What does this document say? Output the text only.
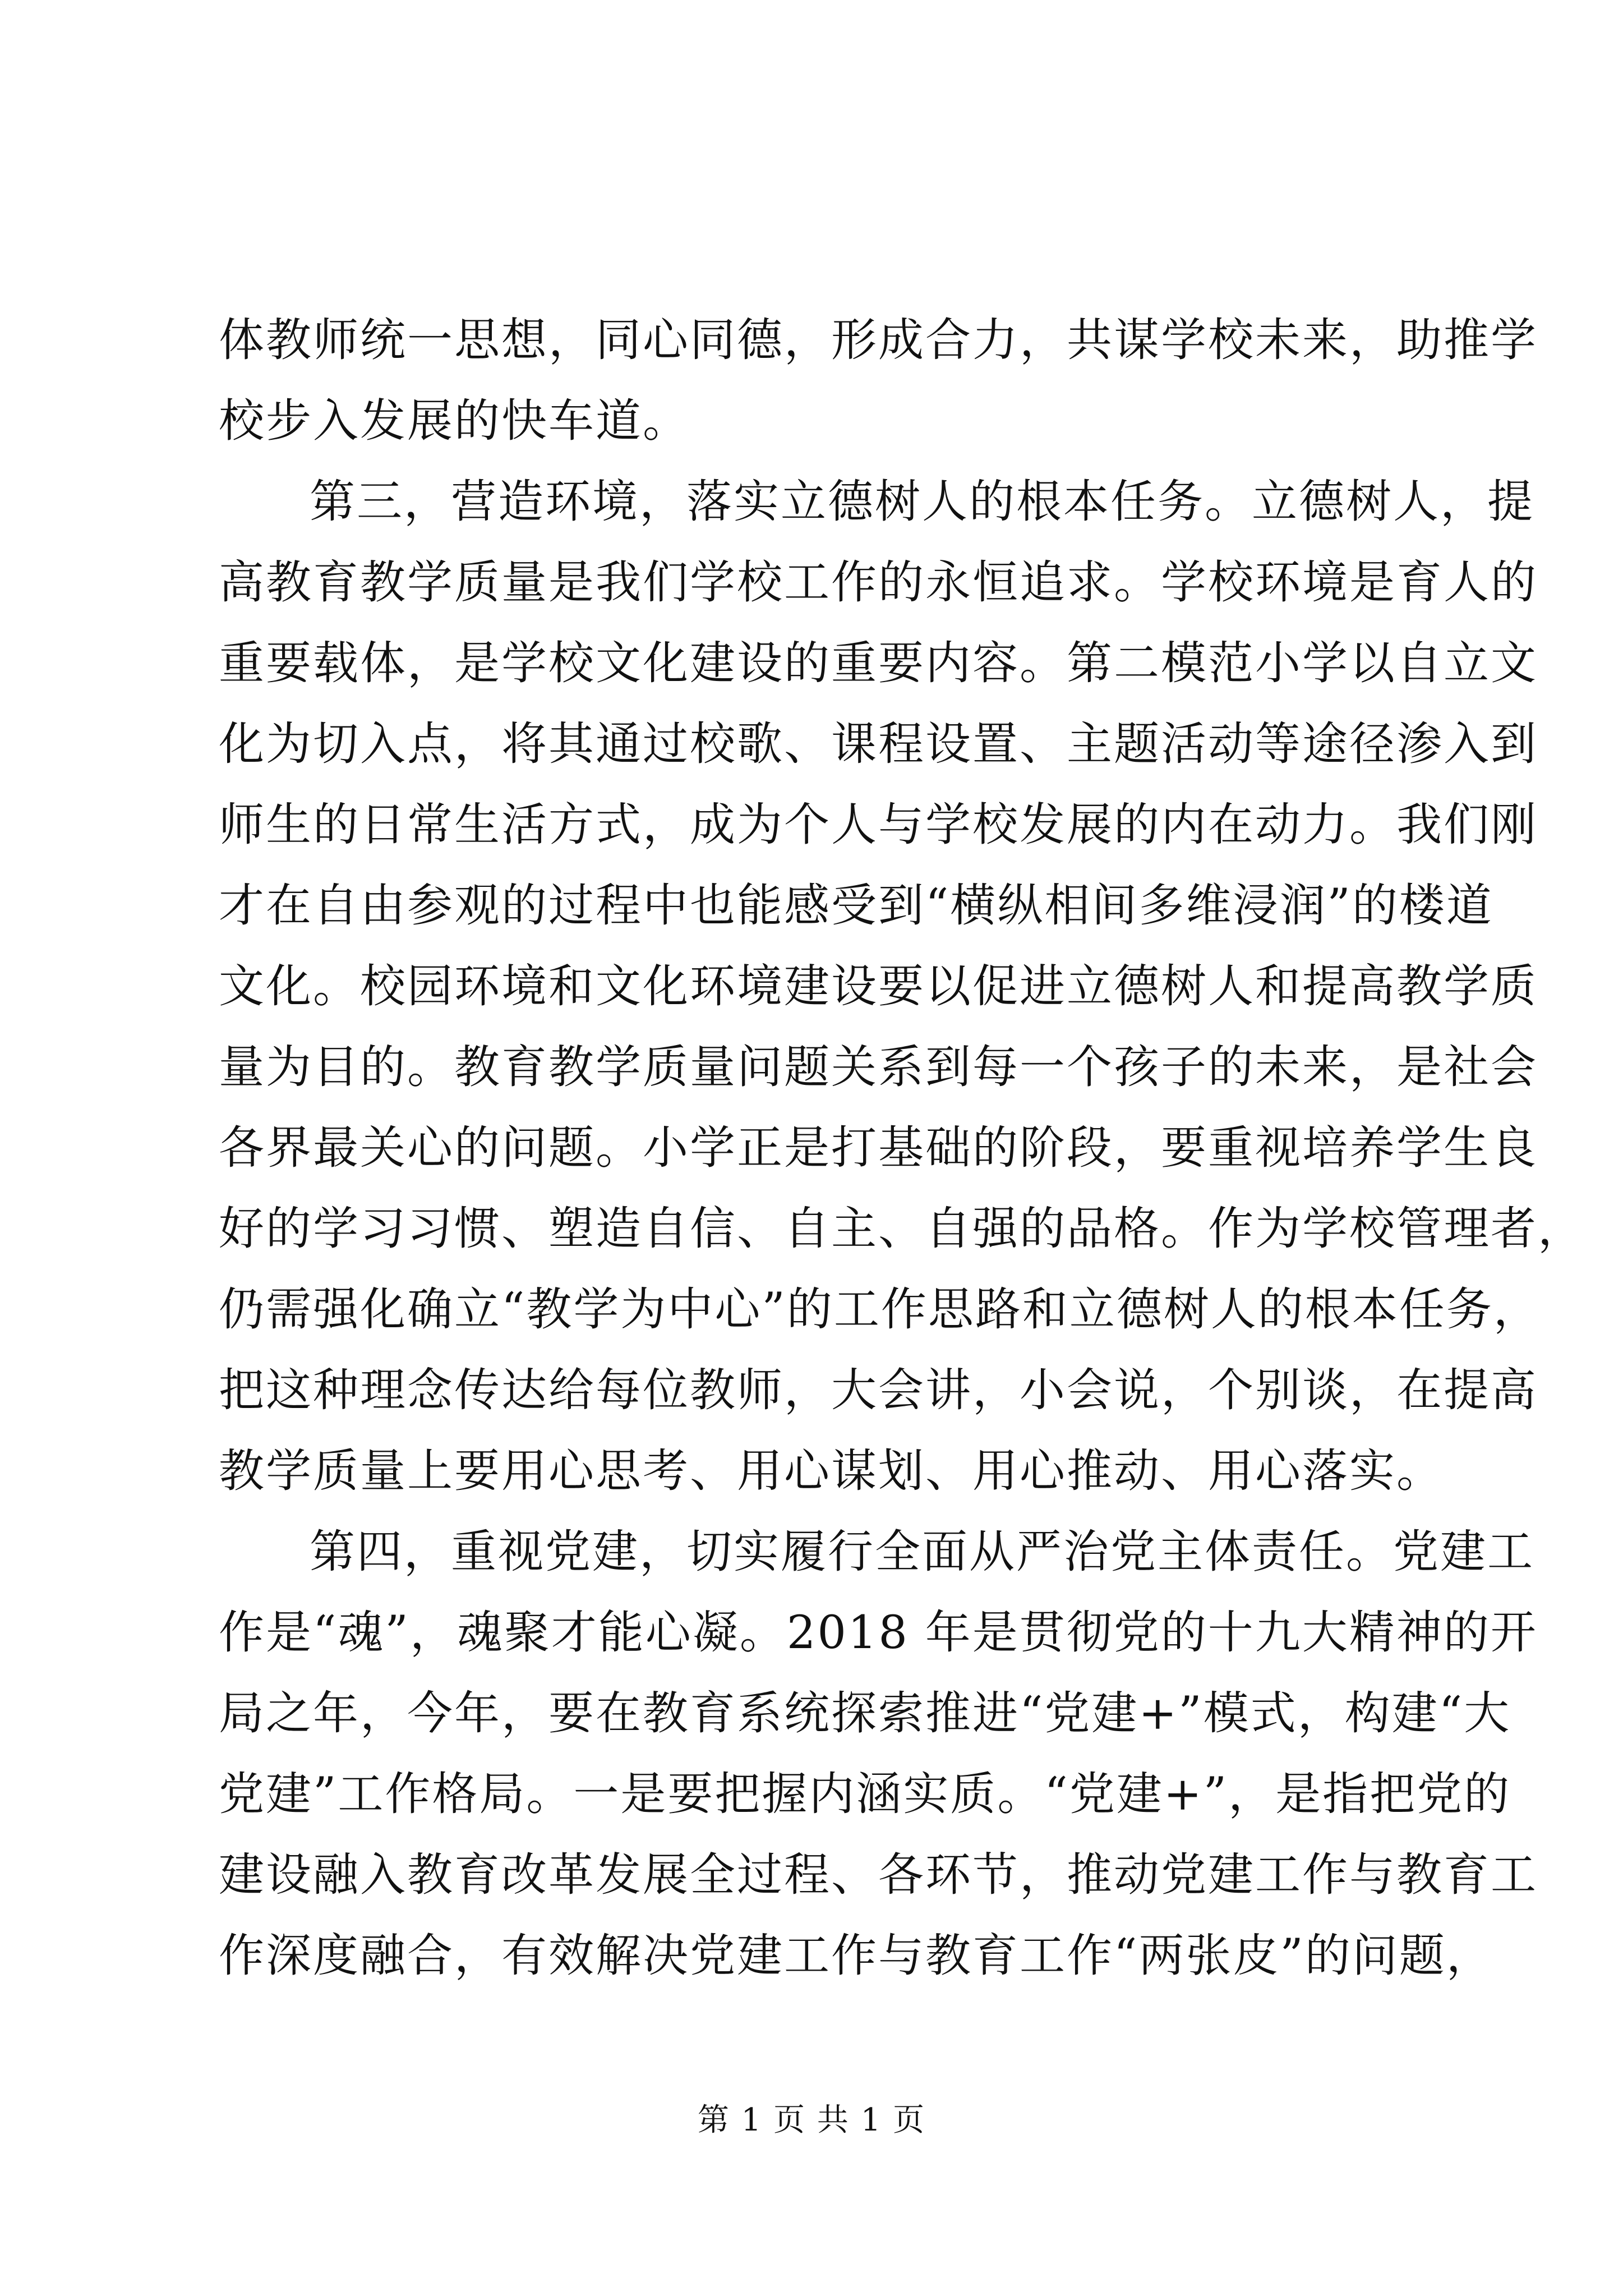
体教师统一思想，同心同德，形成合力，共谋学校未来，助推学
校步入发展的快车道。
第三，营造环境，落实立德树人的根本任务。立德树人，提
高教育教学质量是我们学校工作的永恒追求。学校环境是育人的
重要载体，是学校文化建设的重要内容。第二模范小学以自立文
化为切入点，将其通过校歌、课程设置、主题活动等途径渗入到
师生的日常生活方式，成为个人与学校发展的内在动力。我们刚
才在自由参观的过程中也能感受到“横纵相间多维浸润”的楼道
文化。校园环境和文化环境建设要以促进立德树人和提高教学质
量为目的。教育教学质量问题关系到每一个孩子的未来，是社会
各界最关心的问题。小学正是打基础的阶段，要重视培养学生良
好的学习习惯、塑造自信、自主、自强的品格。作为学校管理者，
仍需强化确立“教学为中心”的工作思路和立德树人的根本任务，
把这种理念传达给每位教师，大会讲，小会说，个别谈，在提高
教学质量上要用心思考、用心谋划、用心推动、用心落实。
第四，重视党建，切实履行全面从严治党主体责任。党建工
作是“魂”，魂聚才能心凝。2018 年是贯彻党的十九大精神的开
局之年，今年，要在教育系统探索推进“党建+”模式，构建“大
党建”工作格局。一是要把握内涵实质。“党建+”，是指把党的
建设融入教育改革发展全过程、各环节，推动党建工作与教育工
作深度融合，有效解决党建工作与教育工作“两张皮”的问题，
第 1 页 共 1 页
